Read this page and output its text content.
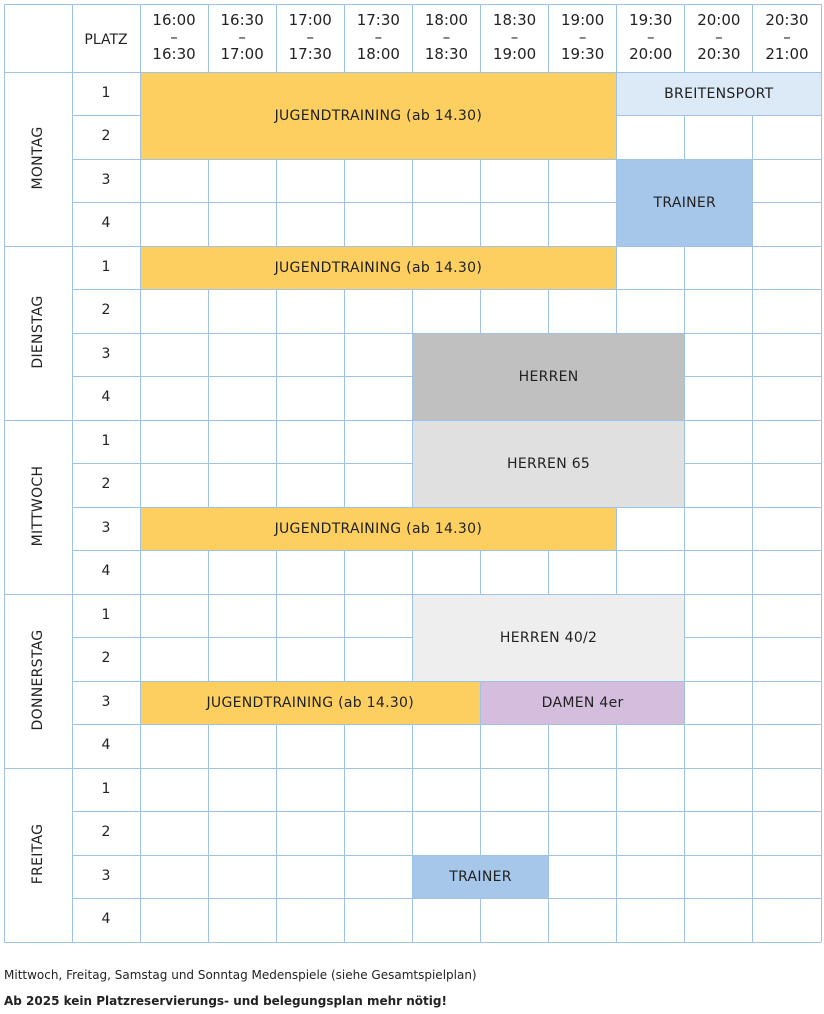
PLATZ
JUGENDTRAINING (ab 14.30)
BREITENSPORT
TRAINER
JUGENDTRAINING (ab 14.30)
HERREN
HERREN 65
JUGENDTRAINING (ab 14.30)
HERREN 40/2
JUGENDTRAINING (ab 14.30)	DAMEN 4er
TRAINER
16:00
–
16:30
16:30
–
17:00
17:00
–
17:30
17:30
–
18:00
18:00
–
18:30
18:30
–
19:00
19:00
–
19:30
19:30
–
20:00
20:00
–
20:30
20:30
–
21:00
MONTAG
1
2
3
4
DIENSTAG
1
2
3
4
MITTWOCH
1
2
3
4
DONNERSTAG
1
2
3
4
FREITAG
1
2
3
4
Mittwoch, Freitag, Samstag und Sonntag Medenspiele (siehe Gesamtspielplan)
Ab 2025 kein Platzreservierungs- und belegungsplan mehr nötig!
